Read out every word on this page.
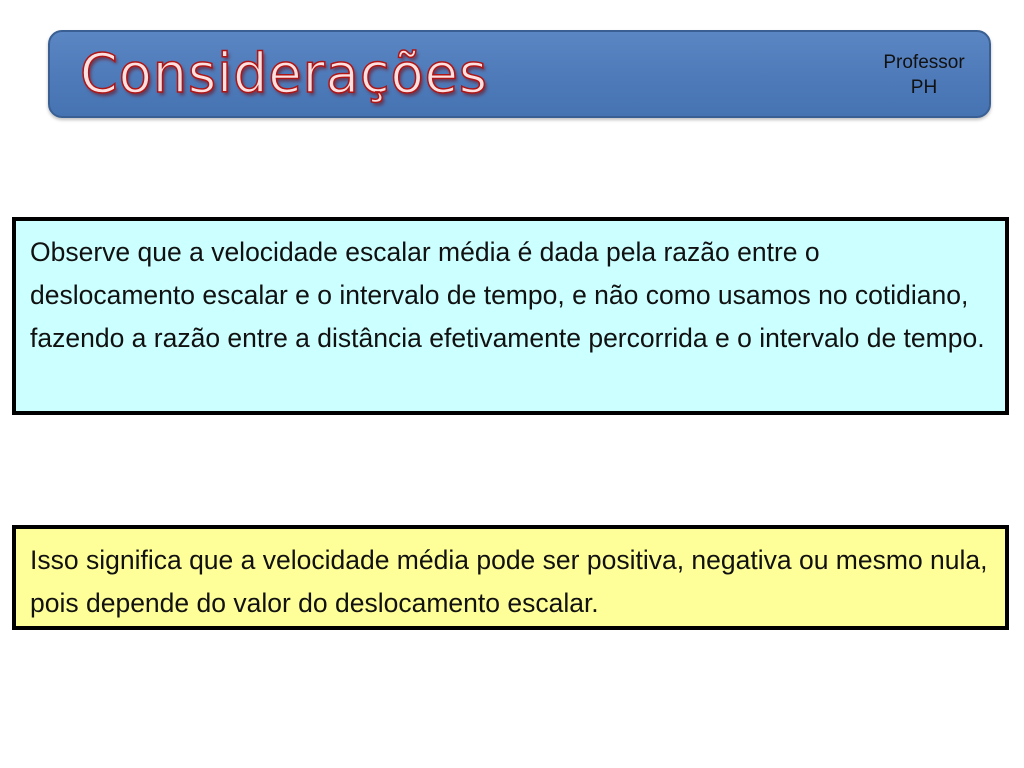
Considerações	Professor
PH
Observe que a velocidade escalar média é dada pela razão entre o deslocamento escalar e o intervalo de tempo, e não como usamos no cotidiano, fazendo a razão entre a distância efetivamente percorrida e o intervalo de tempo.
Isso significa que a velocidade média pode ser positiva, negativa ou mesmo nula, pois depende do valor do deslocamento escalar.
